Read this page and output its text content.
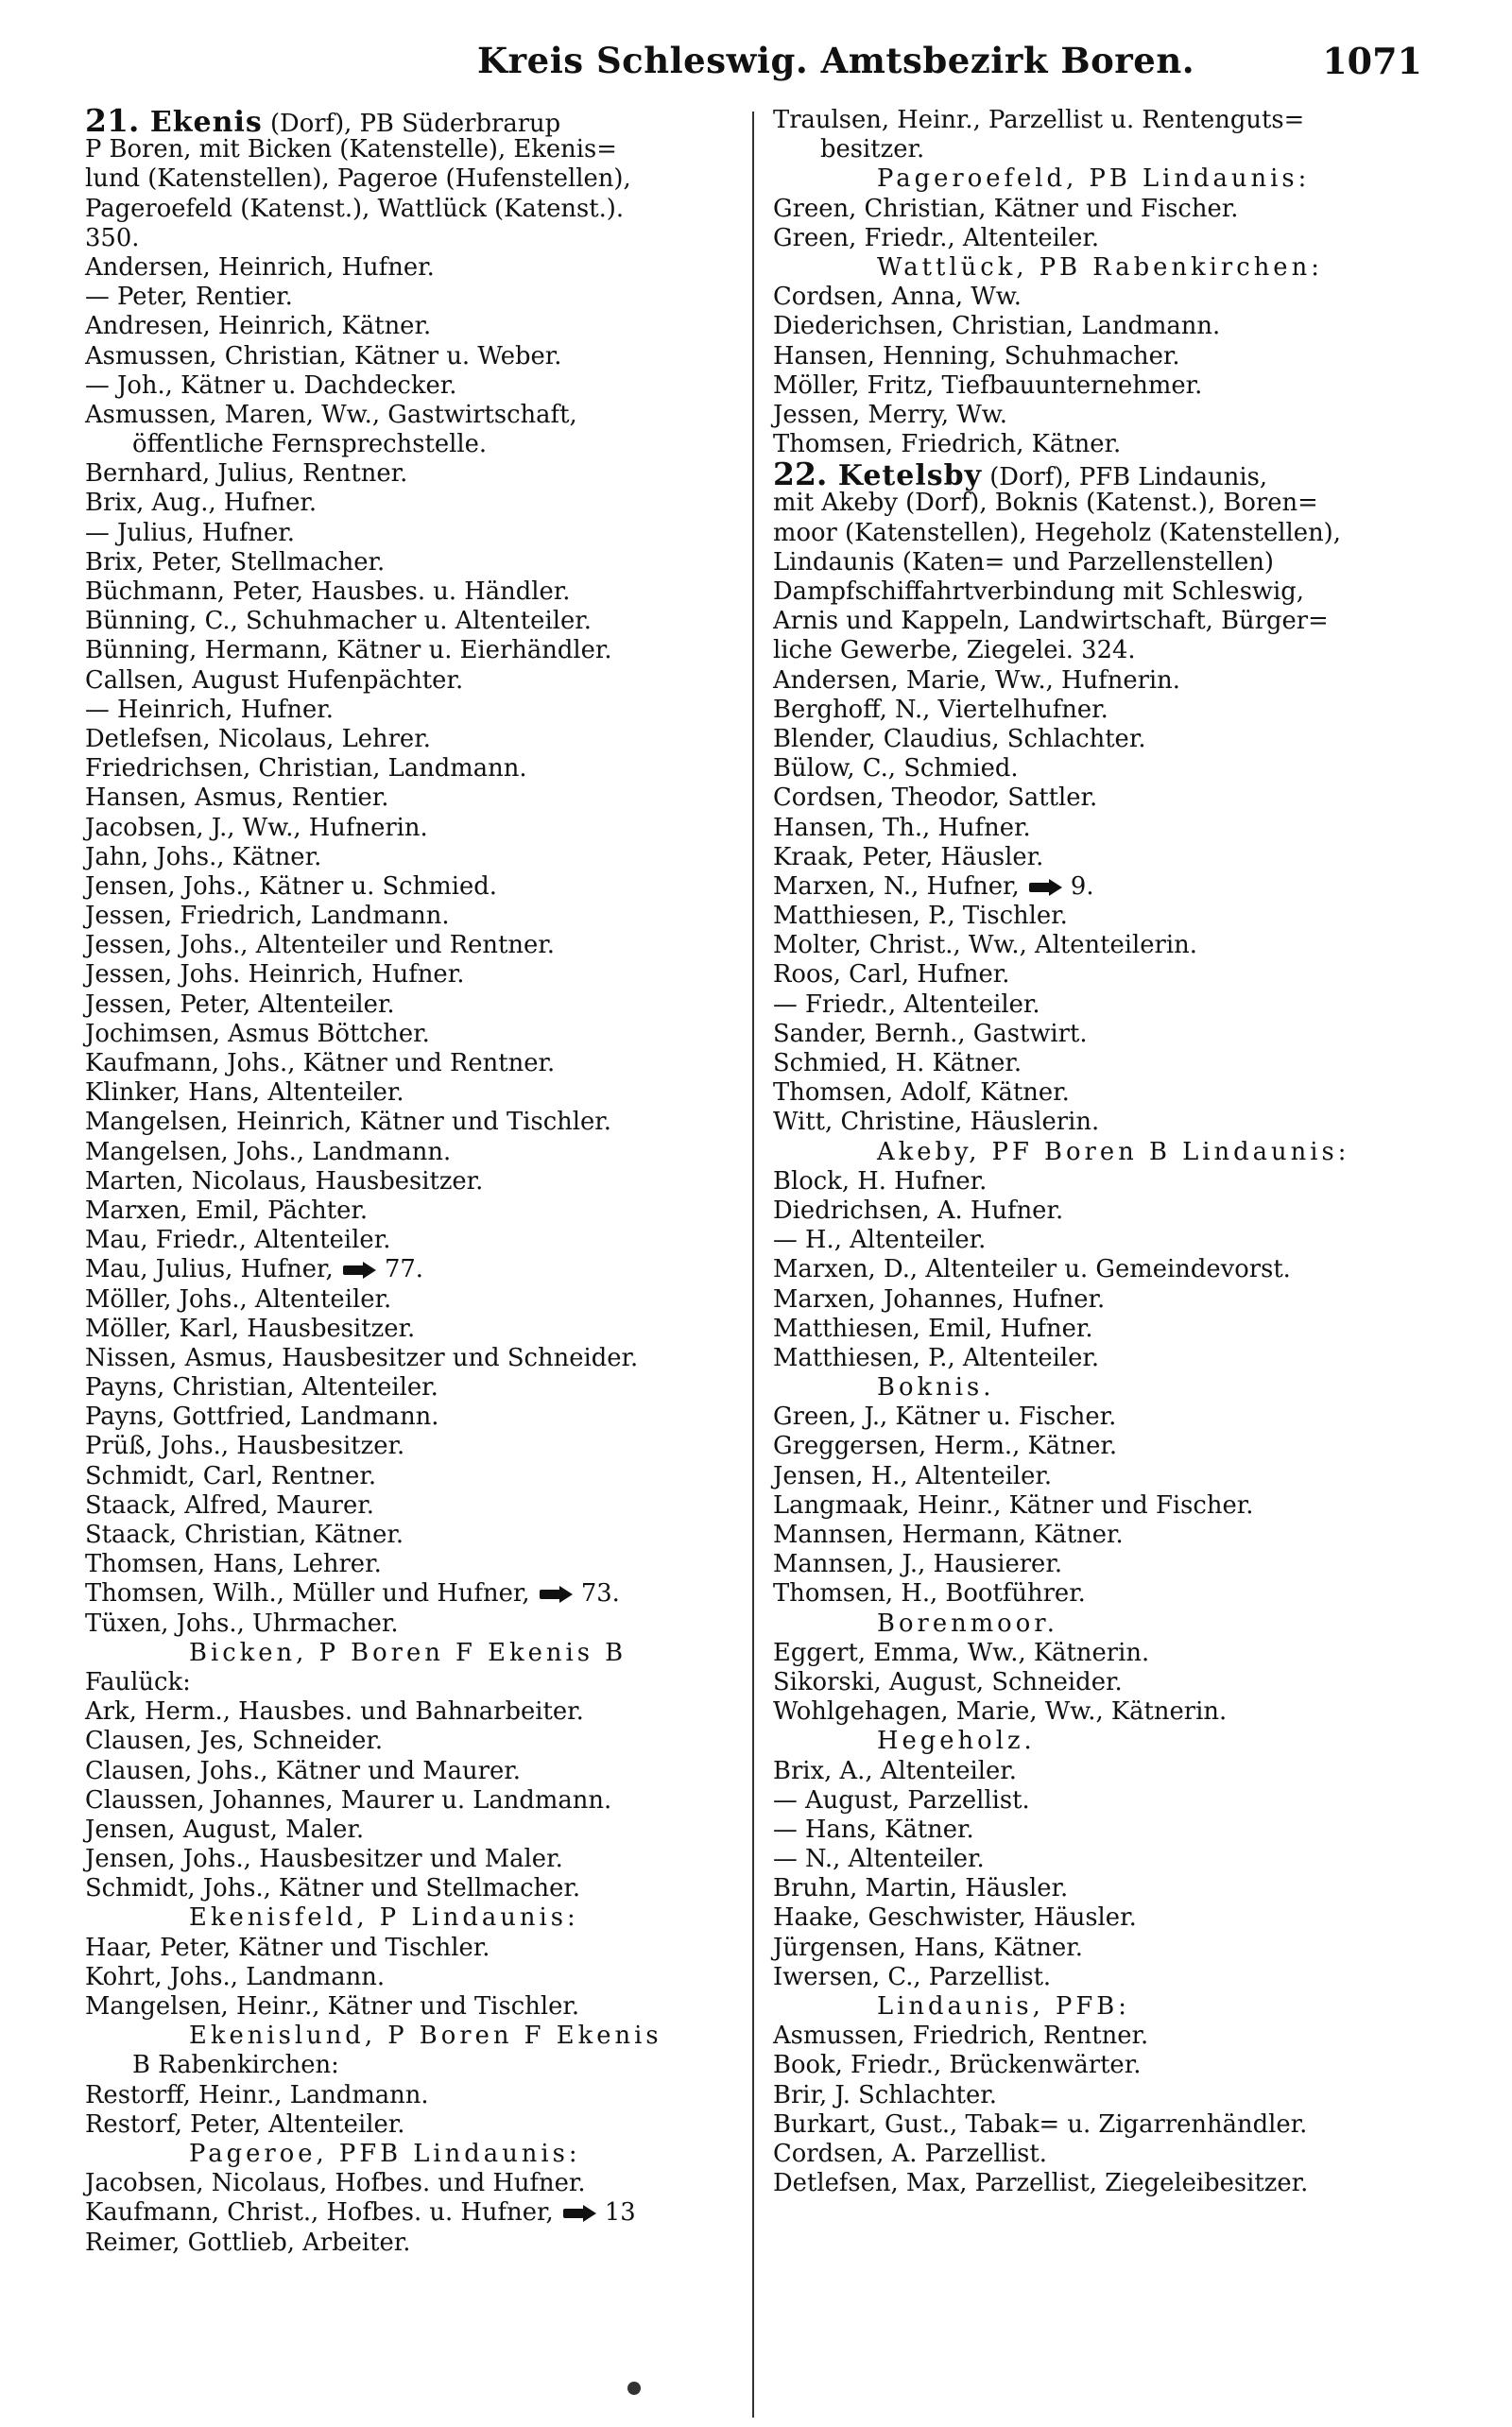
Kreis Schleswig. Amtsbezirk Boren.	1071
21. Ekenis (Dorf), PB Süderbrarup
P Boren, mit Bicken (Katenstelle), Ekenis=
lund (Katenstellen), Pageroe (Hufenstellen),
Pageroefeld (Katenst.), Wattlück (Katenst.).
350.
Andersen, Heinrich, Hufner.
— Peter, Rentier.
Andresen, Heinrich, Kätner.
Asmussen, Christian, Kätner u. Weber.
— Joh., Kätner u. Dachdecker.
Asmussen, Maren, Ww., Gastwirtschaft,
öffentliche Fernsprechstelle.
Bernhard, Julius, Rentner.
Brix, Aug., Hufner.
— Julius, Hufner.
Brix, Peter, Stellmacher.
Büchmann, Peter, Hausbes. u. Händler.
Bünning, C., Schuhmacher u. Altenteiler.
Bünning, Hermann, Kätner u. Eierhändler.
Callsen, August Hufenpächter.
— Heinrich, Hufner.
Detlefsen, Nicolaus, Lehrer.
Friedrichsen, Christian, Landmann.
Hansen, Asmus, Rentier.
Jacobsen, J., Ww., Hufnerin.
Jahn, Johs., Kätner.
Jensen, Johs., Kätner u. Schmied.
Jessen, Friedrich, Landmann.
Jessen, Johs., Altenteiler und Rentner.
Jessen, Johs. Heinrich, Hufner.
Jessen, Peter, Altenteiler.
Jochimsen, Asmus Böttcher.
Kaufmann, Johs., Kätner und Rentner.
Klinker, Hans, Altenteiler.
Mangelsen, Heinrich, Kätner und Tischler.
Mangelsen, Johs., Landmann.
Marten, Nicolaus, Hausbesitzer.
Marxen, Emil, Pächter.
Mau, Friedr., Altenteiler.
Mau, Julius, Hufner, 77.
Möller, Johs., Altenteiler.
Möller, Karl, Hausbesitzer.
Nissen, Asmus, Hausbesitzer und Schneider.
Payns, Christian, Altenteiler.
Payns, Gottfried, Landmann.
Prüß, Johs., Hausbesitzer.
Schmidt, Carl, Rentner.
Staack, Alfred, Maurer.
Staack, Christian, Kätner.
Thomsen, Hans, Lehrer.
Thomsen, Wilh., Müller und Hufner, 73.
Tüxen, Johs., Uhrmacher.
Bicken, P Boren F Ekenis B
Faulück:
Ark, Herm., Hausbes. und Bahnarbeiter.
Clausen, Jes, Schneider.
Clausen, Johs., Kätner und Maurer.
Claussen, Johannes, Maurer u. Landmann.
Jensen, August, Maler.
Jensen, Johs., Hausbesitzer und Maler.
Schmidt, Johs., Kätner und Stellmacher.
Ekenisfeld, P Lindaunis:
Haar, Peter, Kätner und Tischler.
Kohrt, Johs., Landmann.
Mangelsen, Heinr., Kätner und Tischler.
Ekenislund, P Boren F Ekenis
B Rabenkirchen:
Restorff, Heinr., Landmann.
Restorf, Peter, Altenteiler.
Pageroe, PFB Lindaunis:
Jacobsen, Nicolaus, Hofbes. und Hufner.
Kaufmann, Christ., Hofbes. u. Hufner, 13
Reimer, Gottlieb, Arbeiter.
Traulsen, Heinr., Parzellist u. Rentenguts=
besitzer.
Pageroefeld, PB Lindaunis:
Green, Christian, Kätner und Fischer.
Green, Friedr., Altenteiler.
Wattlück, PB Rabenkirchen:
Cordsen, Anna, Ww.
Diederichsen, Christian, Landmann.
Hansen, Henning, Schuhmacher.
Möller, Fritz, Tiefbauunternehmer.
Jessen, Merry, Ww.
Thomsen, Friedrich, Kätner.
22. Ketelsby (Dorf), PFB Lindaunis,
mit Akeby (Dorf), Boknis (Katenst.), Boren=
moor (Katenstellen), Hegeholz (Katenstellen),
Lindaunis (Katen= und Parzellenstellen)
Dampfschiffahrtverbindung mit Schleswig,
Arnis und Kappeln, Landwirtschaft, Bürger=
liche Gewerbe, Ziegelei. 324.
Andersen, Marie, Ww., Hufnerin.
Berghoff, N., Viertelhufner.
Blender, Claudius, Schlachter.
Bülow, C., Schmied.
Cordsen, Theodor, Sattler.
Hansen, Th., Hufner.
Kraak, Peter, Häusler.
Marxen, N., Hufner, 9.
Matthiesen, P., Tischler.
Molter, Christ., Ww., Altenteilerin.
Roos, Carl, Hufner.
— Friedr., Altenteiler.
Sander, Bernh., Gastwirt.
Schmied, H. Kätner.
Thomsen, Adolf, Kätner.
Witt, Christine, Häuslerin.
Akeby, PF Boren B Lindaunis:
Block, H. Hufner.
Diedrichsen, A. Hufner.
— H., Altenteiler.
Marxen, D., Altenteiler u. Gemeindevorst.
Marxen, Johannes, Hufner.
Matthiesen, Emil, Hufner.
Matthiesen, P., Altenteiler.
Boknis.
Green, J., Kätner u. Fischer.
Greggersen, Herm., Kätner.
Jensen, H., Altenteiler.
Langmaak, Heinr., Kätner und Fischer.
Mannsen, Hermann, Kätner.
Mannsen, J., Hausierer.
Thomsen, H., Bootführer.
Borenmoor.
Eggert, Emma, Ww., Kätnerin.
Sikorski, August, Schneider.
Wohlgehagen, Marie, Ww., Kätnerin.
Hegeholz.
Brix, A., Altenteiler.
— August, Parzellist.
— Hans, Kätner.
— N., Altenteiler.
Bruhn, Martin, Häusler.
Haake, Geschwister, Häusler.
Jürgensen, Hans, Kätner.
Iwersen, C., Parzellist.
Lindaunis, PFB:
Asmussen, Friedrich, Rentner.
Book, Friedr., Brückenwärter.
Brir, J. Schlachter.
Burkart, Gust., Tabak= u. Zigarrenhändler.
Cordsen, A. Parzellist.
Detlefsen, Max, Parzellist, Ziegeleibesitzer.
